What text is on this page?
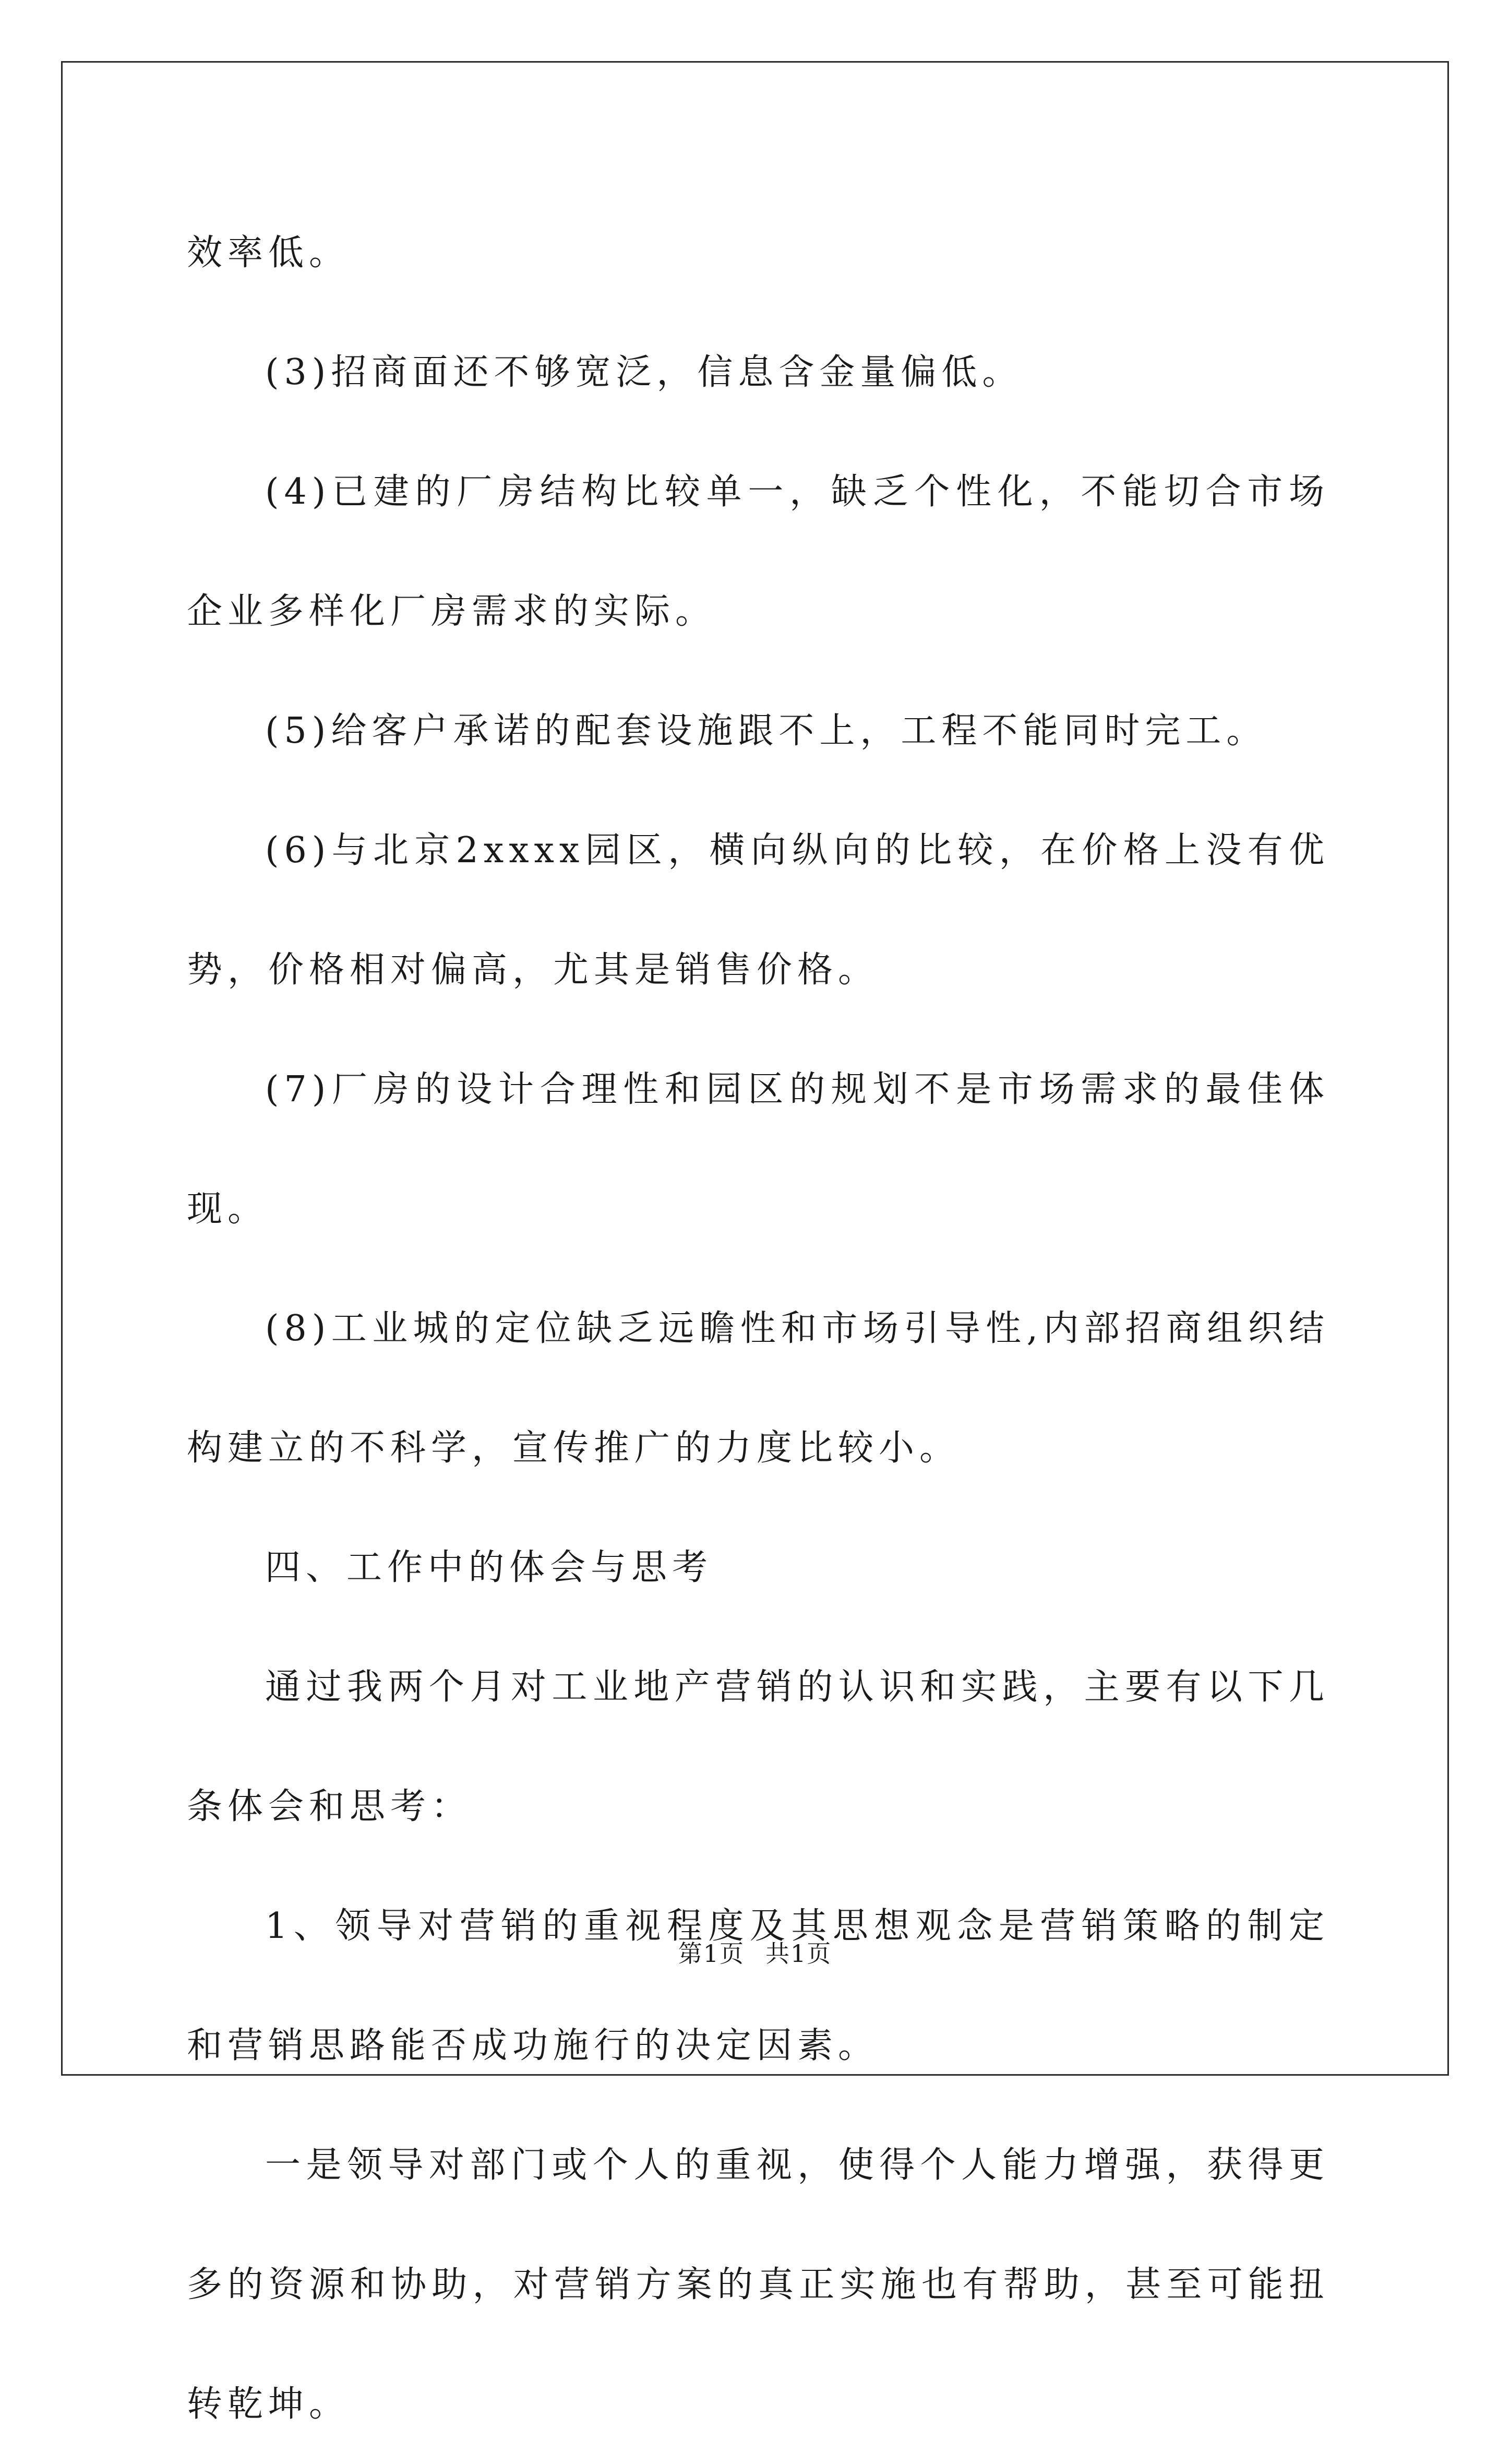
效率低。

(3)招商面还不够宽泛，信息含金量偏低。

(4)已建的厂房结构比较单一，缺乏个性化，不能切合市场企业多样化厂房需求的实际。

(5)给客户承诺的配套设施跟不上，工程不能同时完工。

(6)与北京2xxxx园区，横向纵向的比较，在价格上没有优势，价格相对偏高，尤其是销售价格。

(7)厂房的设计合理性和园区的规划不是市场需求的最佳体现。

(8)工业城的定位缺乏远瞻性和市场引导性,内部招商组织结构建立的不科学，宣传推广的力度比较小。

四、工作中的体会与思考

通过我两个月对工业地产营销的认识和实践，主要有以下几条体会和思考：

1、领导对营销的重视程度及其思想观念是营销策略的制定和营销思路能否成功施行的决定因素。

一是领导对部门或个人的重视，使得个人能力增强，获得更多的资源和协助，对营销方案的真正实施也有帮助，甚至可能扭转乾坤。

第1页 共1页
